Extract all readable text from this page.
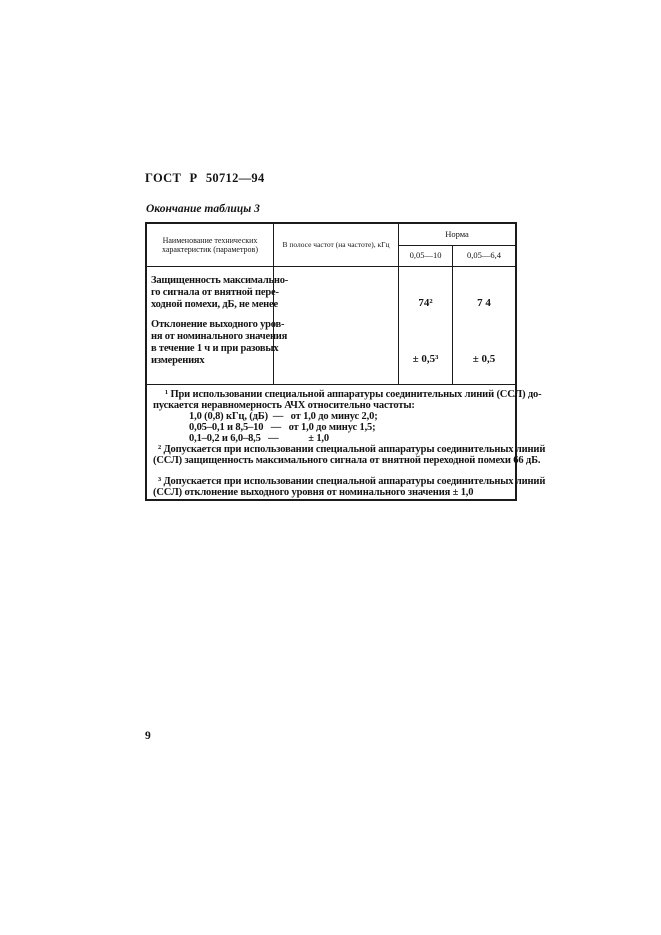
ГОСТ Р 50712—94
Окончание таблицы 3
Наименование технических характеристик (параметров)
В полосе частот (на частоте), кГц
Норма
0,05—10	0,05—6,4
Защищенность максимально-
го сигнала от внятной пере-
ходной помехи, дБ, не менее
Отклонение выходного уров-
ня от номинального значения
в течение 1 ч и при разовых
измерениях
74²
± 0,5³
7 4
± 0,5
¹ При использовании специальной аппаратуры соединительных линий (ССЛ) до-
пускается неравномерность АЧХ относительно частоты:
1,0 (0,8) кГц, (дБ)  —   от 1,0 до минус 2,0;
0,05–0,1 и 8,5–10   —   от 1,0 до минус 1,5;
0,1–0,2 и 6,0–8,5   —            ± 1,0
² Допускается при использовании специальной аппаратуры соединительных линий
(ССЛ) защищенность максимального сигнала от внятной переходной помехи 66 дБ.
³ Допускается при использовании специальной аппаратуры соединительных линий
(ССЛ) отклонение выходного уровня от номинального значения ± 1,0
9
